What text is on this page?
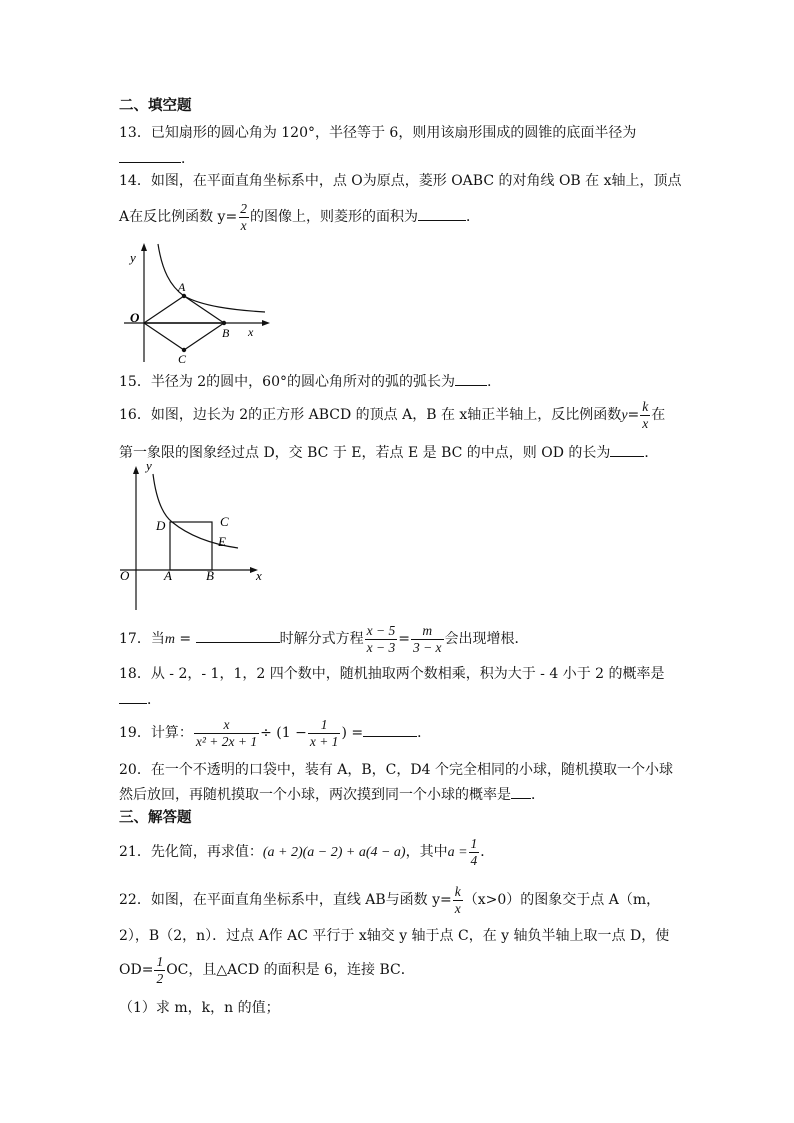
二、填空题
13．已知扇形的圆心角为 120°，半径等于 6，则用该扇形围成的圆锥的底面半径为
．
14．如图，在平面直角坐标系中，点 O为原点，菱形 OABC 的对角线 OB 在 x轴上，顶点
A在反比例函数 $y= \frac{2}{x}$ 的图像上，则菱形的面积为	．
y
O
A
B
C
x
15．半径为 2的圆中，60°的圆心角所对的弧的弧长为 .
16．如图，边长为 2的正方形 ABCD 的顶点 A，B 在 x轴正半轴上，反比例函数$y= \frac{k}{x}$ 在
第一象限的图象经过点 D，交 BC 于 E，若点 E 是 BC 的中点，则 OD 的长为 ．
y
O
D	C
E
A	B	x
17．当m =	时解分式方程 $\frac{x - 5}{x - 3} = \frac{m}{3 - x}$ 会出现增根．
18．从 - 2，- 1，1，2 四个数中，随机抽取两个数相乘，积为大于 - 4 小于 2 的概率是
．
19．计算： $\frac{x}{\text{x² + 2x + 1}} \div (1 - \frac{1}{x + 1}$ ) =	．
20．在一个不透明的口袋中，装有 A，B，C，D4 个完全相同的小球，随机摸取一个小球
然后放回，再随机摸取一个小球，两次摸到同一个小球的概率是 ．
三、解答题
21．先化简，再求值：(a + 2)(a − 2) + a(4 − a)，其中$a = \frac{1}{4}$ ．
22．如图，在平面直角坐标系中，直线 AB与函数 $y= \frac{k}{x} (x>0)$的图象交于点 A（m，
2），B（2，n）．过点 A作 AC 平行于 x轴交 y 轴于点 C，在 y 轴负半轴上取一点 D，使
$OD= \frac{1}{2}$ OC，且△ACD 的面积是 6，连接 BC．
（1）求 m，k，n 的值；
